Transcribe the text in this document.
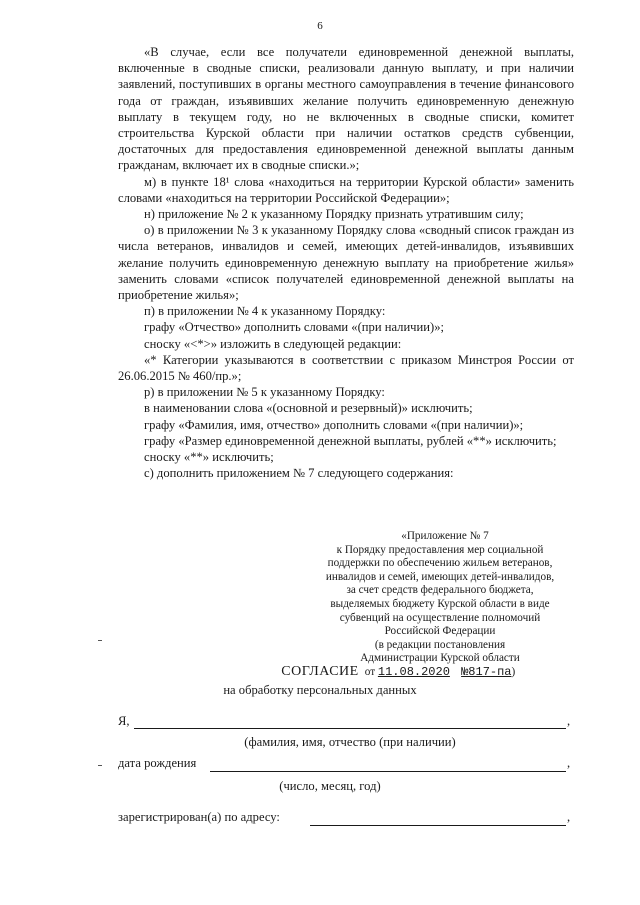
6

«В случае, если все получатели единовременной денежной выплаты, включенные в сводные списки, реализовали данную выплату, и при наличии заявлений, поступивших в органы местного самоуправления в течение финансового года от граждан, изъявивших желание получить единовременную денежную выплату в текущем году, но не включенных в сводные списки, комитет строительства Курской области при наличии остатков средств субвенции, достаточных для предоставления единовременной денежной выплаты данным гражданам, включает их в сводные списки.»;

м) в пункте 18¹ слова «находиться на территории Курской области» заменить словами «находиться на территории Российской Федерации»;

н) приложение № 2 к указанному Порядку признать утратившим силу;

о) в приложении № 3 к указанному Порядку слова «сводный список граждан из числа ветеранов, инвалидов и семей, имеющих детей-инвалидов, изъявивших желание получить единовременную денежную выплату на приобретение жилья» заменить словами «список получателей единовременной денежной выплаты на приобретение жилья»;

п) в приложении № 4 к указанному Порядку:

графу «Отчество» дополнить словами «(при наличии)»;

сноску «<*>» изложить в следующей редакции:

«* Категории указываются в соответствии с приказом Минстроя России от 26.06.2015 № 460/пр.»;

р) в приложении № 5 к указанному Порядку:

в наименовании слова «(основной и резервный)» исключить;

графу «Фамилия, имя, отчество» дополнить словами «(при наличии)»;

графу «Размер единовременной денежной выплаты, рублей «**» исключить;

сноску «**» исключить;

с) дополнить приложением № 7 следующего содержания:

«Приложение № 7
к Порядку предоставления мер социальной
поддержки по обеспечению жильем ветеранов,
инвалидов и семей, имеющих детей-инвалидов,
за счет средств федерального бюджета,
выделяемых бюджету Курской области в виде
субвенций на осуществление полномочий
Российской Федерации
(в редакции постановления
Администрации Курской области
от 11.08.2020 №817-па)
СОГЛАСИЕ
на обработку персональных данных
Я,	,
(фамилия, имя, отчество (при наличии)
дата рождения	,
(число, месяц, год)
зарегистрирован(а) по адресу:	,
